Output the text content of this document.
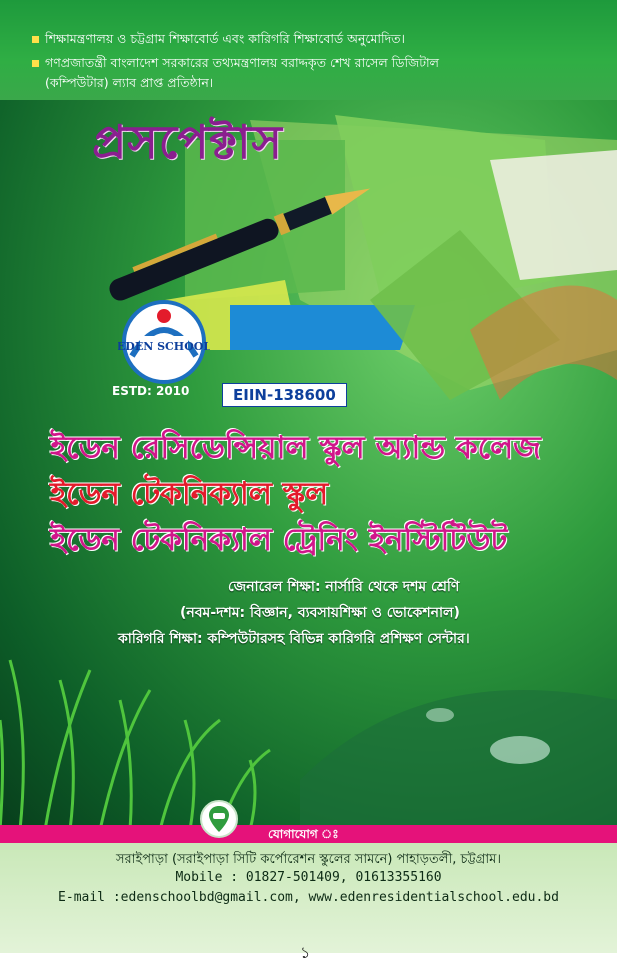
শিক্ষামন্ত্রণালয় ও চট্টগ্রাম শিক্ষাবোর্ড এবং কারিগরি শিক্ষাবোর্ড অনুমোদিত।
গণপ্রজাতন্ত্রী বাংলাদেশ সরকারের তথ্যমন্ত্রণালয় বরাদ্দকৃত শেখ রাসেল ডিজিটাল
(কম্পিউটার) ল্যাব প্রাপ্ত প্রতিষ্ঠান।
প্রসপেক্টাস
EDEN SCHOOL
ESTD: 2010	EIIN-138600
ইডেন রেসিডেন্সিয়াল স্কুল অ্যান্ড কলেজ
ইডেন টেকনিক্যাল স্কুল
ইডেন টেকনিক্যাল ট্রেনিং ইনস্টিটিউট
জেনারেল শিক্ষা: নার্সারি থেকে দশম শ্রেণি
(নবম-দশম: বিজ্ঞান, ব্যবসায়শিক্ষা ও ভোকেশনাল)
কারিগরি শিক্ষা: কম্পিউটারসহ বিভিন্ন কারিগরি প্রশিক্ষণ সেন্টার।
যোগাযোগ ঃ
সরাইপাড়া (সরাইপাড়া সিটি কর্পোরেশন স্কুলের সামনে) পাহাড়তলী, চট্টগ্রাম।
Mobile : 01827-501409, 01613355160
E-mail :edenschoolbd@gmail.com, www.edenresidentialschool.edu.bd
১
